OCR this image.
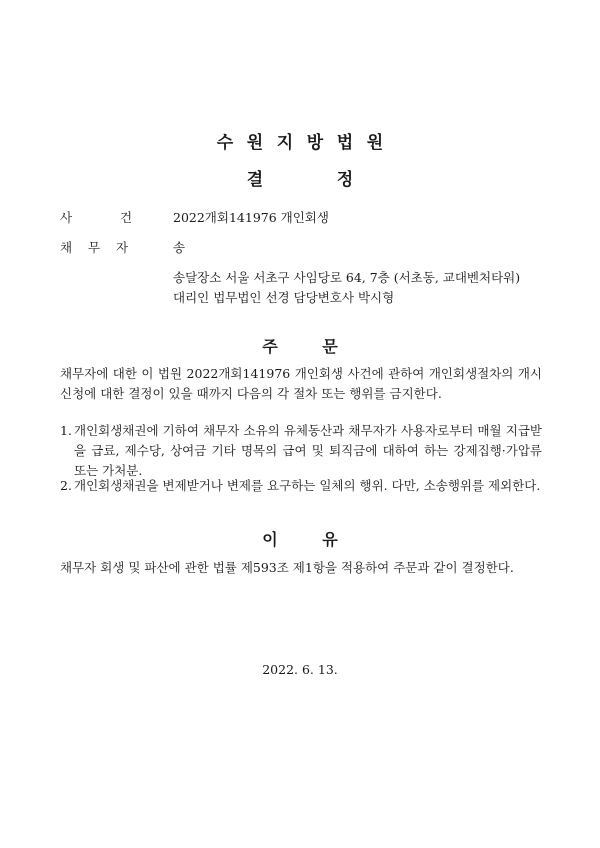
수 원 지 방 법 원
결	정
사	건	2022개회141976 개인회생
채	무	자	송
송달장소 서울 서초구 사임당로 64, 7층 (서초동, 교대벤처타워)
대리인 법무법인 선경 담당변호사 박시형
주	문
채무자에 대한 이 법원 2022개회141976 개인회생 사건에 관하여 개인회생절차의 개시신청에 대한 결정이 있을 때까지 다음의 각 절차 또는 행위를 금지한다.
1. 개인회생채권에 기하여 채무자 소유의 유체동산과 채무자가 사용자로부터 매월 지급받을 급료, 제수당, 상여금 기타 명목의 급여 및 퇴직금에 대하여 하는 강제집행·가압류 또는 가처분.
2. 개인회생채권을 변제받거나 변제를 요구하는 일체의 행위. 다만, 소송행위를 제외한다.
이	유
채무자 회생 및 파산에 관한 법률 제593조 제1항을 적용하여 주문과 같이 결정한다.
2022. 6. 13.
